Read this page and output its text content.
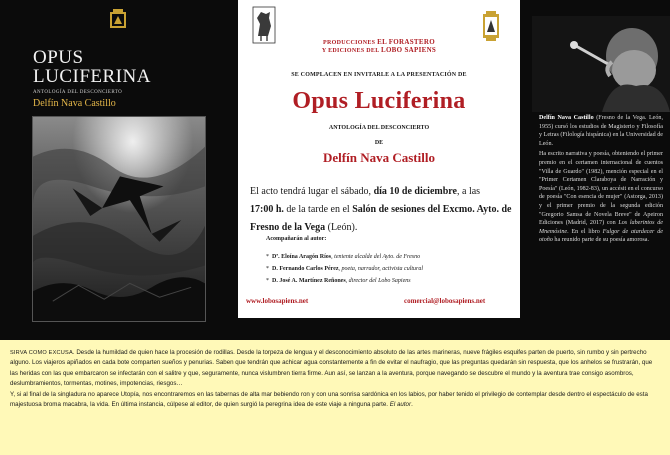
OPUS
LUCIFERINA
ANTOLOGÍA DEL DESCONCIERTO
Delfín Nava Castillo
PRODUCCIONES EL FORASTERO
Y EDICIONES DEL LOBO SAPIENS
SE COMPLACEN EN INVITARLE A LA PRESENTACIÓN DE
Opus Luciferina
ANTOLOGÍA DEL DESCONCIERTO
DE
Delfín Nava Castillo
El acto tendrá lugar el sábado, día 10 de diciembre, a las
17:00 h. de la tarde en el Salón de sesiones del Excmo. Ayto. de Fresno de la Vega (León).
Acompañarán al autor:
* Dª. Eloína Aragón Ríos, teniente alcalde del Ayto. de Fresno
* D. Fernando Carlos Pérez, poeta, narrador, activista cultural
* D. José A. Martínez Reñones, director del Lobo Sapiens
www.lobosapiens.net	comercial@lobosapiens.net

Delfín Nava Castillo (Fresno de la Vega. León, 1955) cursó los estudios de Magisterio y Filosofía y Letras (Filología hispánica) en la Universidad de León.

Ha escrito narrativa y poesía, obteniendo el primer premio en el certamen internacional de cuentos "Villa de Guardo" (1982), mención especial en el "Primer Certamen Claraboya de Narración y Poesía" (León, 1982-83), un accésit en el concurso de poesía "Con esencia de mujer" (Astorga, 2013) y el primer premio de la segunda edición "Gregorio Samsa de Novela Breve" de Apeiron Ediciones (Madrid, 2017) con Los laberintos de Mnemósine. En el libro Fulgor de atardecer de otoño ha reunido parte de su poesía amorosa.

SIRVA COMO EXCUSA. Desde la humildad de quien hace la procesión de rodillas. Desde la torpeza de lengua y el desconocimiento absoluto de las artes marineras, nueve frágiles esquifes parten de puerto, sin rumbo y sin pertrecho alguno. Los viajeros apiñados en cada bote comparten sueños y penurias. Saben que tendrán que achicar agua constantemente a fin de evitar el naufragio, que las preguntas quedarán sin respuesta, que los anhelos se frustrarán, que las heridas con las que embarcaron se infectarán con el salitre y que, seguramente, nunca vislumbren tierra firme. Aun así, se lanzan a la aventura, porque navegando se descubre el mundo y la aventura trae consigo asombros, deslumbramientos, tormentas, motines, impotencias, riesgos…

Y, si al final de la singladura no aparece Utopía, nos encontraremos en las tabernas de alta mar bebiendo ron y con una sonrisa sardónica en los labios, por haber tenido el privilegio de contemplar desde dentro el espectáculo de esta majestuosa broma macabra, la vida. En última instancia, cúlpese al editor, de quien surgió la peregrina idea de este viaje a ninguna parte. El autor.
